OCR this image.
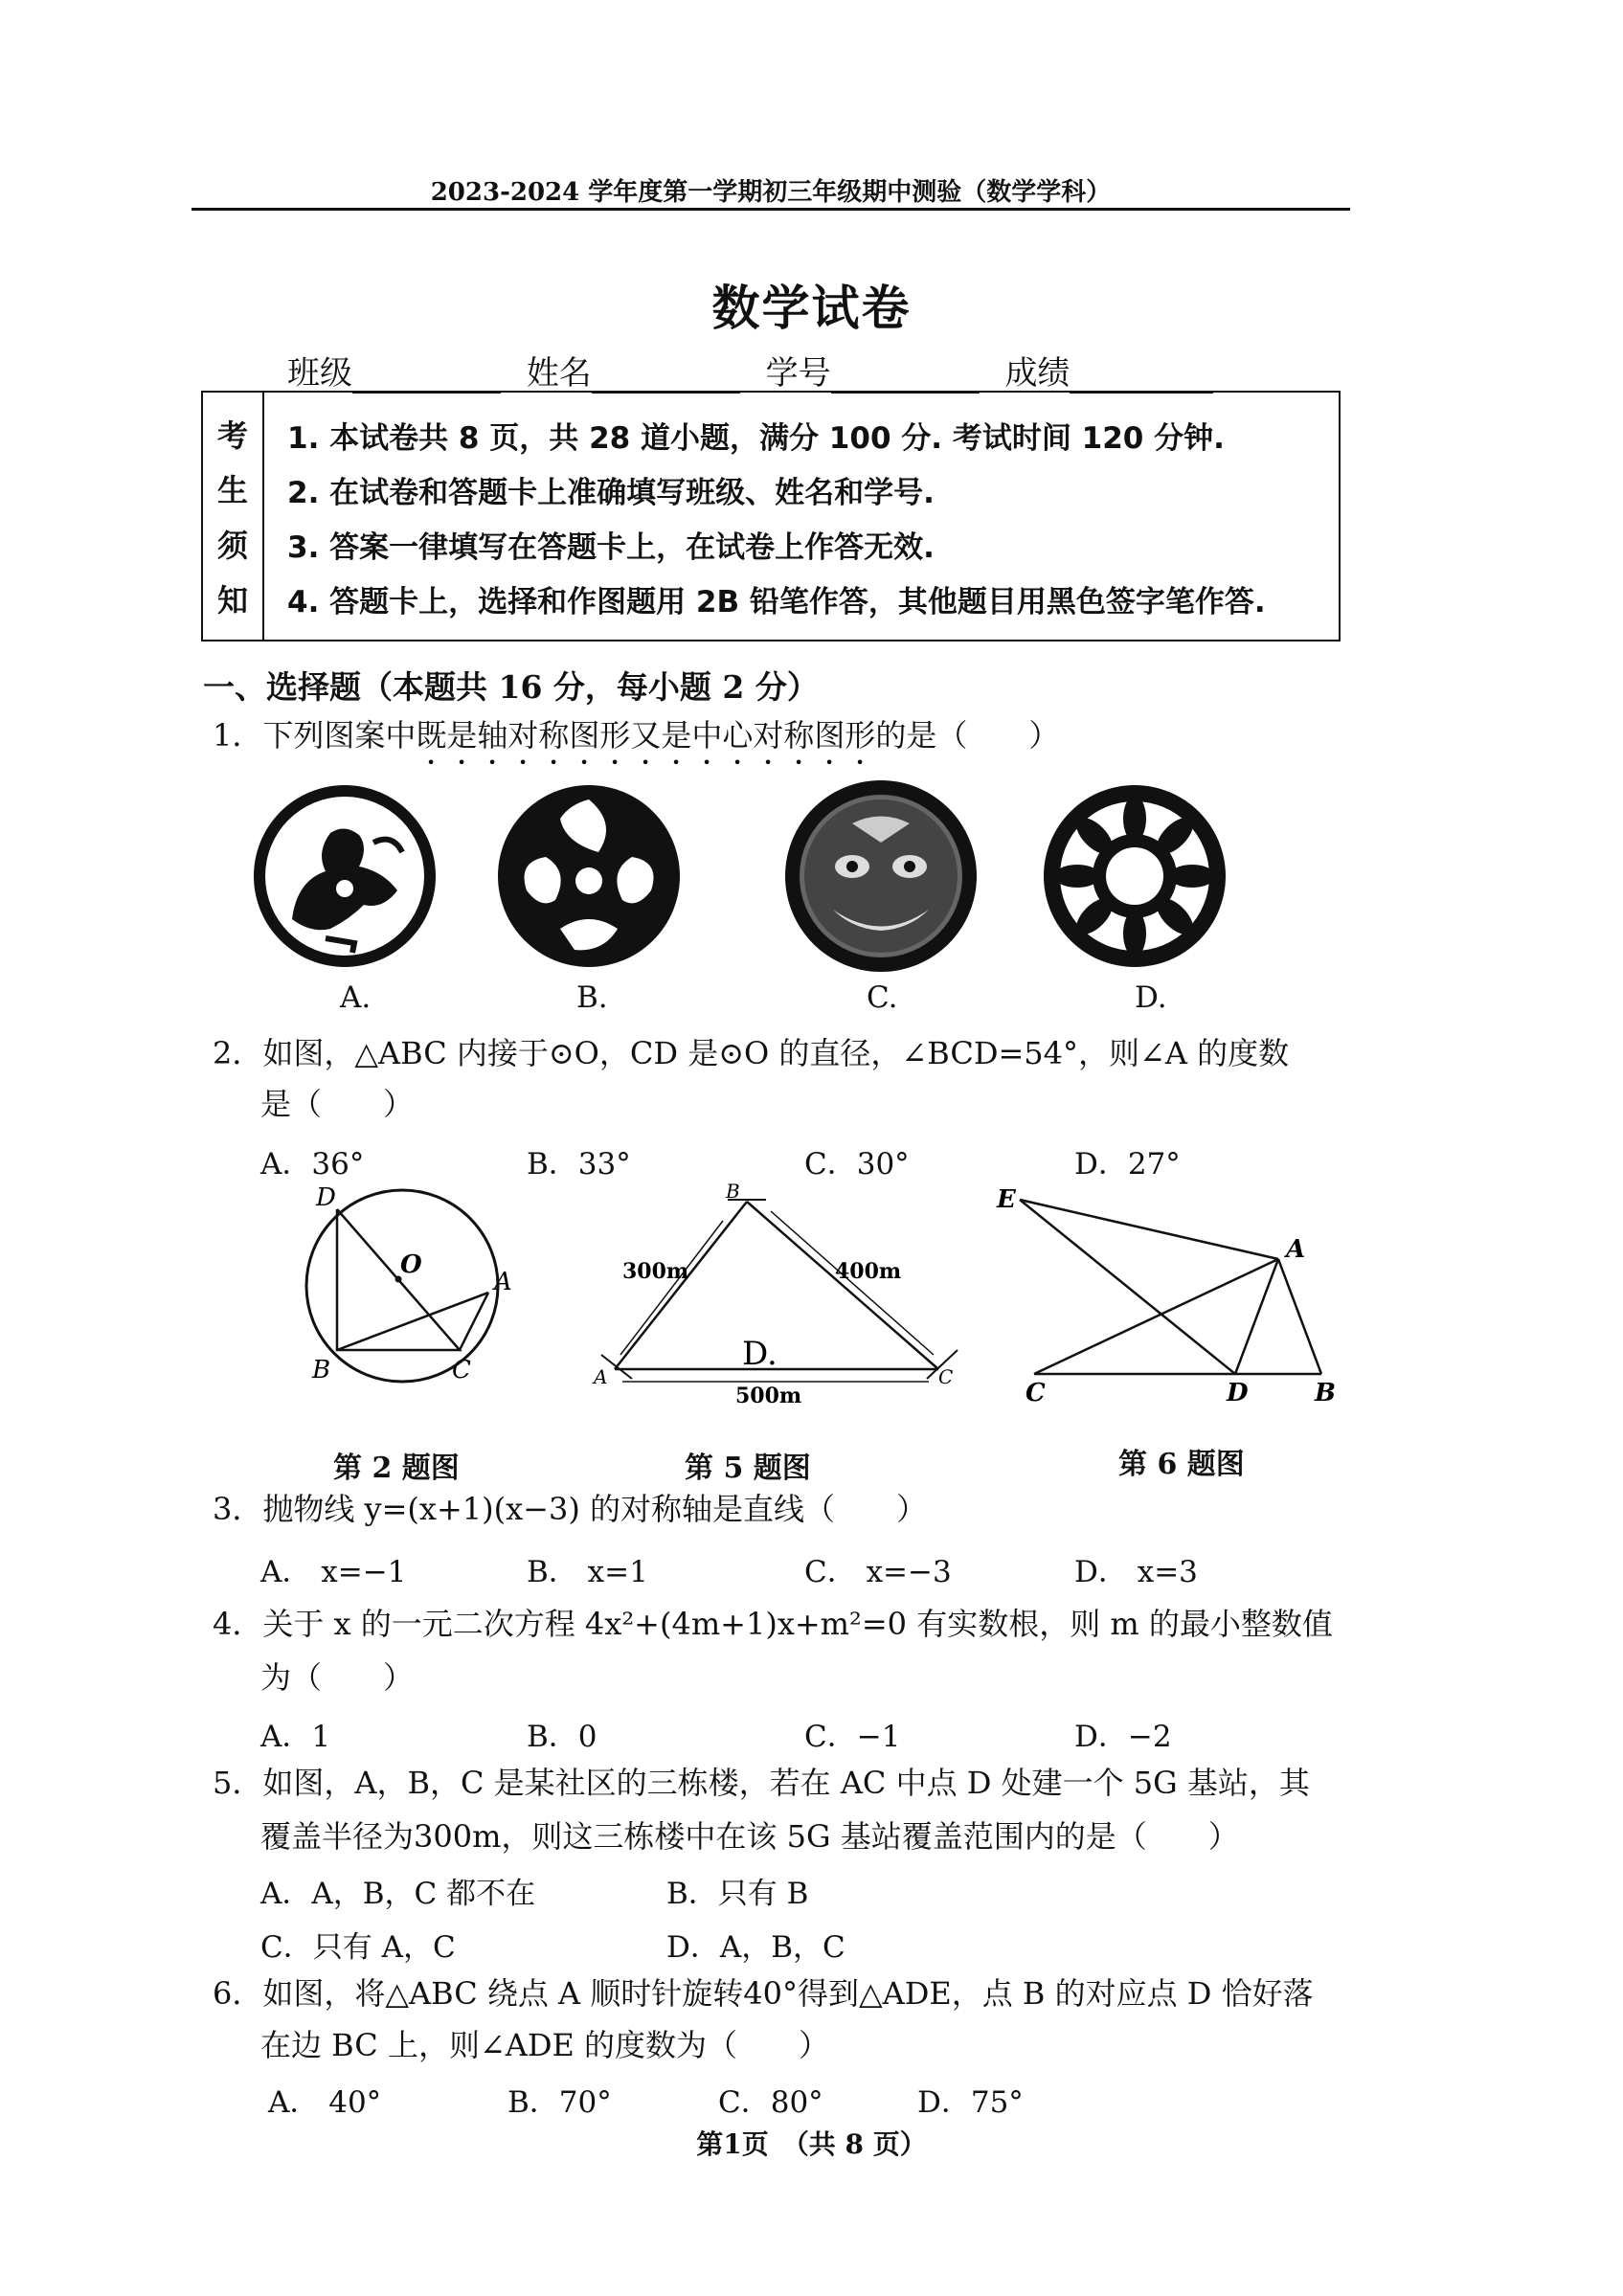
2023-2024 学年度第一学期初三年级期中测验（数学学科）
数学试卷
班级	姓名	学号	成绩
考
生
须
知
1. 本试卷共 8 页，共 28 道小题，满分 100 分. 考试时间 120 分钟.
2. 在试卷和答题卡上准确填写班级、姓名和学号.
3. 答案一律填写在答题卡上，在试卷上作答无效.
4. 答题卡上，选择和作图题用 2B 铅笔作答，其他题目用黑色签字笔作答.
一、选择题（本题共 16 分，每小题 2 分）
1．下列图案中既是轴对称图形又是中心对称图形的是（　　）
A.	B.	C.	D.
2．如图，△ABC 内接于⊙O，CD 是⊙O 的直径，∠BCD=54°，则∠A 的度数
是（　　）
A．36°	B．33°	C．30°	D．27°
D
O
A
B	C
B
A	C
D.
300m	400m
500m
E
A
C	D	B
第 2 题图	第 5 题图	第 6 题图
3．抛物线 y=(x+1)(x−3) 的对称轴是直线（　　）
A． x=−1	B． x=1	C． x=−3	D． x=3
4．关于 x 的一元二次方程 4x²+(4m+1)x+m²=0 有实数根，则 m 的最小整数值
为（　　）
A．1	B．0	C．−1	D．−2
5．如图，A，B，C 是某社区的三栋楼，若在 AC 中点 D 处建一个 5G 基站，其
覆盖半径为300m，则这三栋楼中在该 5G 基站覆盖范围内的是（　　）
A．A，B，C 都不在	B．只有 B
C．只有 A，C	D．A，B，C
6．如图，将△ABC 绕点 A 顺时针旋转40°得到△ADE，点 B 的对应点 D 恰好落
在边 BC 上，则∠ADE 的度数为（　　）
A． 40°	B．70°	C．80°	D．75°
第1页　（共 8 页）
